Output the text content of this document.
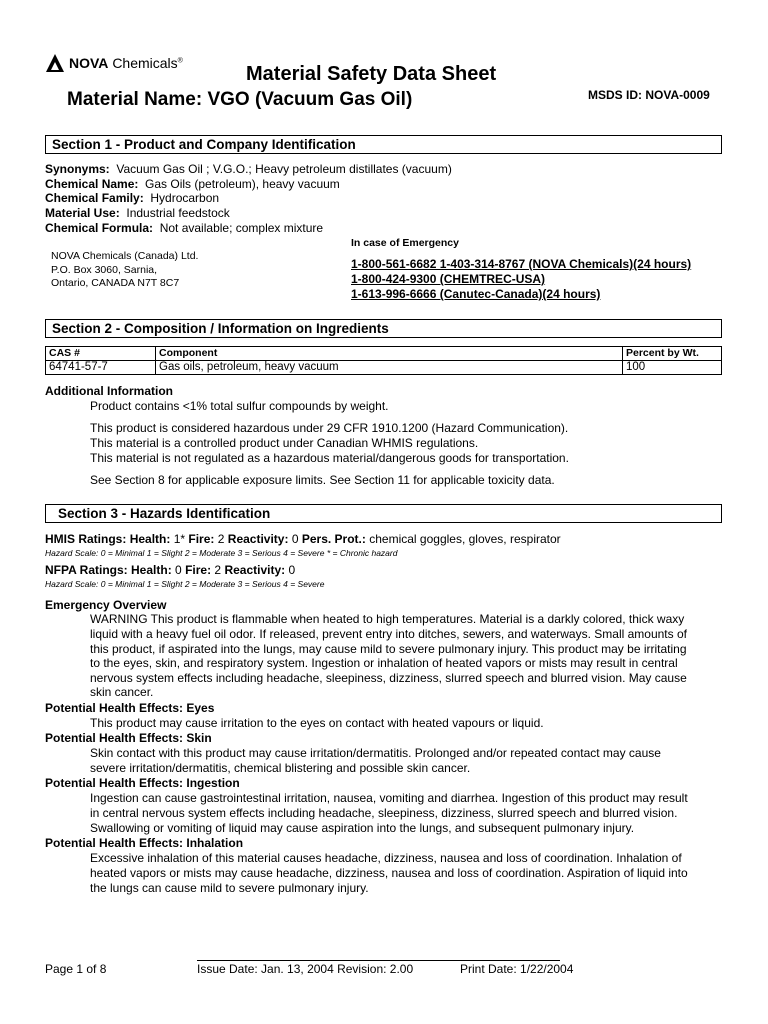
NOVA Chemicals®
Material Safety Data Sheet
Material Name: VGO (Vacuum Gas Oil)	MSDS ID: NOVA-0009
Section 1 - Product and Company Identification
Synonyms: Vacuum Gas Oil ; V.G.O.; Heavy petroleum distillates (vacuum)
Chemical Name: Gas Oils (petroleum), heavy vacuum
Chemical Family: Hydrocarbon
Material Use: Industrial feedstock
Chemical Formula: Not available; complex mixture
NOVA Chemicals (Canada) Ltd.
P.O. Box 3060, Sarnia,
Ontario, CANADA N7T 8C7
In case of Emergency
1-800-561-6682 1-403-314-8767 (NOVA Chemicals)(24 hours)
1-800-424-9300 (CHEMTREC-USA)
1-613-996-6666 (Canutec-Canada)(24 hours)
Section 2 - Composition / Information on Ingredients
CAS #	Component	Percent by Wt.
64741-57-7	Gas oils, petroleum, heavy vacuum	100
Additional Information
Product contains <1% total sulfur compounds by weight.
This product is considered hazardous under 29 CFR 1910.1200 (Hazard Communication).
This material is a controlled product under Canadian WHMIS regulations.
This material is not regulated as a hazardous material/dangerous goods for transportation.
See Section 8 for applicable exposure limits. See Section 11 for applicable toxicity data.
Section 3 - Hazards Identification
HMIS Ratings: Health: 1* Fire: 2 Reactivity: 0 Pers. Prot.: chemical goggles, gloves, respirator
Hazard Scale: 0 = Minimal 1 = Slight 2 = Moderate 3 = Serious 4 = Severe * = Chronic hazard
NFPA Ratings: Health: 0 Fire: 2 Reactivity: 0
Hazard Scale: 0 = Minimal 1 = Slight 2 = Moderate 3 = Serious 4 = Severe
Emergency Overview
WARNING This product is flammable when heated to high temperatures. Material is a darkly colored, thick waxy
liquid with a heavy fuel oil odor. If released, prevent entry into ditches, sewers, and waterways. Small amounts of
this product, if aspirated into the lungs, may cause mild to severe pulmonary injury. This product may be irritating
to the eyes, skin, and respiratory system. Ingestion or inhalation of heated vapors or mists may result in central
nervous system effects including headache, sleepiness, dizziness, slurred speech and blurred vision. May cause
skin cancer.
Potential Health Effects: Eyes
This product may cause irritation to the eyes on contact with heated vapours or liquid.
Potential Health Effects: Skin
Skin contact with this product may cause irritation/dermatitis. Prolonged and/or repeated contact may cause
severe irritation/dermatitis, chemical blistering and possible skin cancer.
Potential Health Effects: Ingestion
Ingestion can cause gastrointestinal irritation, nausea, vomiting and diarrhea. Ingestion of this product may result
in central nervous system effects including headache, sleepiness, dizziness, slurred speech and blurred vision.
Swallowing or vomiting of liquid may cause aspiration into the lungs, and subsequent pulmonary injury.
Potential Health Effects: Inhalation
Excessive inhalation of this material causes headache, dizziness, nausea and loss of coordination. Inhalation of
heated vapors or mists may cause headache, dizziness, nausea and loss of coordination. Aspiration of liquid into
the lungs can cause mild to severe pulmonary injury.
Page 1 of 8	Issue Date: Jan. 13, 2004 Revision: 2.00	Print Date: 1/22/2004
